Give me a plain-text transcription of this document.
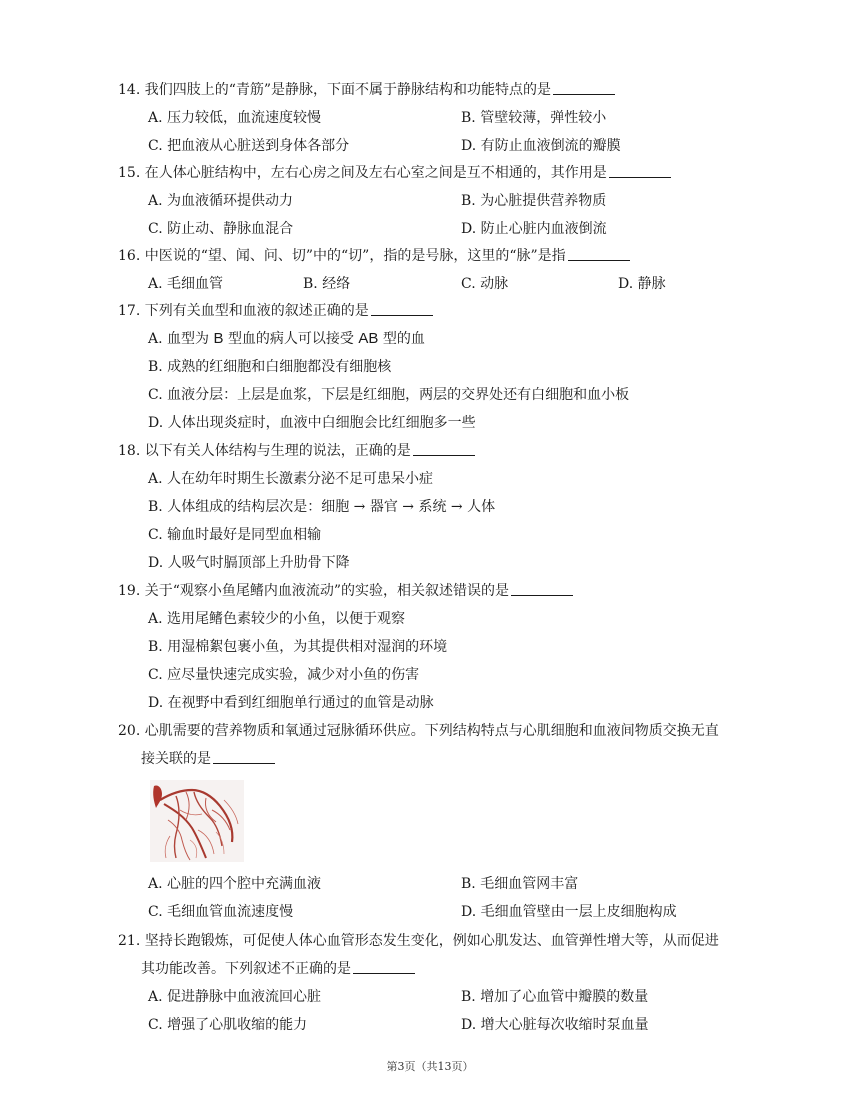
14. 我们四肢上的“青筋”是静脉，下面不属于静脉结构和功能特点的是
A. 压力较低，血流速度较慢	B. 管壁较薄，弹性较小
C. 把血液从心脏送到身体各部分	D. 有防止血液倒流的瓣膜
15. 在人体心脏结构中，左右心房之间及左右心室之间是互不相通的，其作用是
A. 为血液循环提供动力	B. 为心脏提供营养物质
C. 防止动、静脉血混合	D. 防止心脏内血液倒流
16. 中医说的“望、闻、问、切”中的“切”，指的是号脉，这里的“脉”是指
A. 毛细血管	B. 经络	C. 动脉	D. 静脉
17. 下列有关血型和血液的叙述正确的是
A. 血型为 B 型血的病人可以接受 AB 型的血
B. 成熟的红细胞和白细胞都没有细胞核
C. 血液分层：上层是血浆，下层是红细胞，两层的交界处还有白细胞和血小板
D. 人体出现炎症时，血液中白细胞会比红细胞多一些
18. 以下有关人体结构与生理的说法，正确的是
A. 人在幼年时期生长激素分泌不足可患呆小症
B. 人体组成的结构层次是：细胞 → 器官 → 系统 → 人体
C. 输血时最好是同型血相输
D. 人吸气时膈顶部上升肋骨下降
19. 关于“观察小鱼尾鳍内血液流动”的实验，相关叙述错误的是
A. 选用尾鳍色素较少的小鱼，以便于观察
B. 用湿棉絮包裹小鱼，为其提供相对湿润的环境
C. 应尽量快速完成实验，减少对小鱼的伤害
D. 在视野中看到红细胞单行通过的血管是动脉
20. 心肌需要的营养物质和氧通过冠脉循环供应。下列结构特点与心肌细胞和血液间物质交换无直
接关联的是
A. 心脏的四个腔中充满血液	B. 毛细血管网丰富
C. 毛细血管血流速度慢	D. 毛细血管壁由一层上皮细胞构成
21. 坚持长跑锻炼，可促使人体心血管形态发生变化，例如心肌发达、血管弹性增大等，从而促进
其功能改善。下列叙述不正确的是
A. 促进静脉中血液流回心脏	B. 增加了心血管中瓣膜的数量
C. 增强了心肌收缩的能力	D. 增大心脏每次收缩时泵血量
第3页（共13页）
